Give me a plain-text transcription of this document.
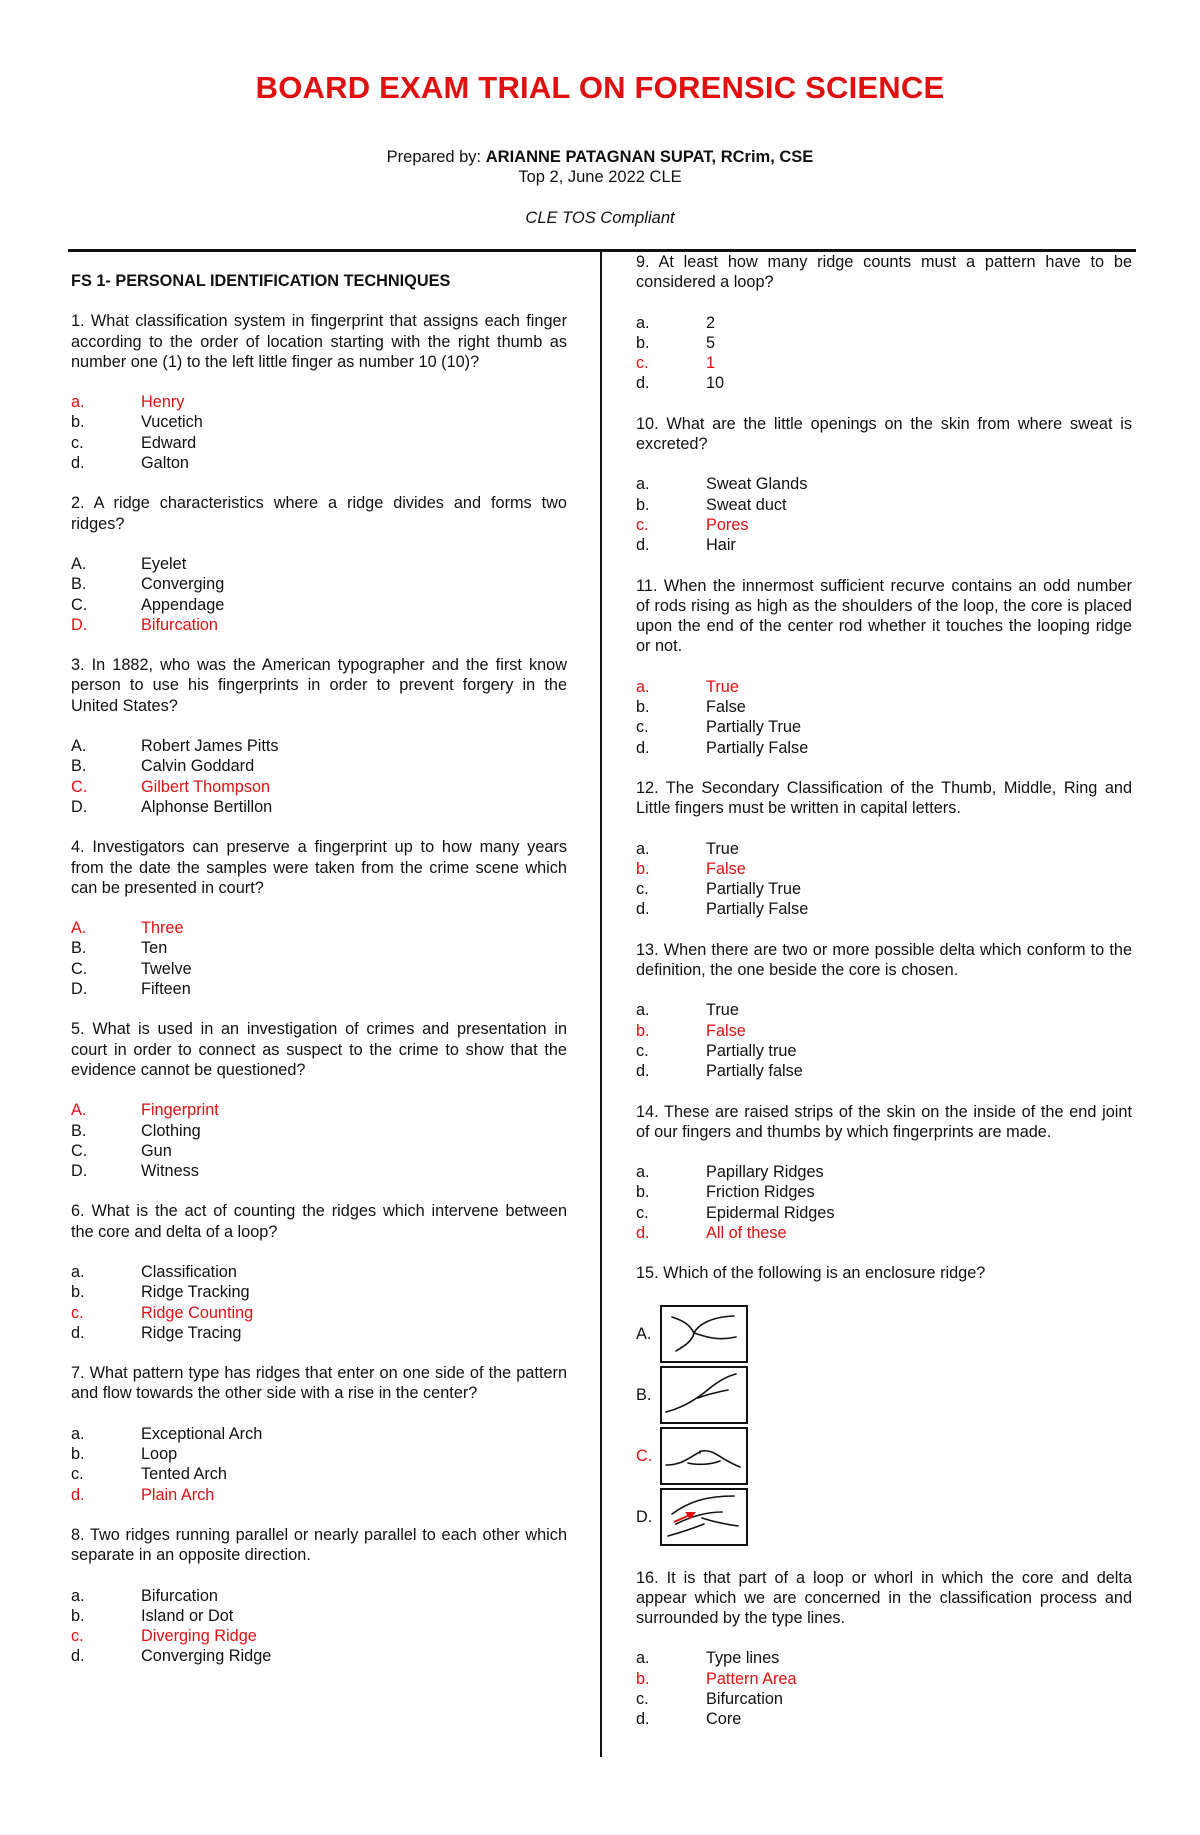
BOARD EXAM TRIAL ON FORENSIC SCIENCE
Prepared by: ARIANNE PATAGNAN SUPAT, RCrim, CSE
Top 2, June 2022 CLE
CLE TOS Compliant
FS 1- PERSONAL IDENTIFICATION TECHNIQUES
1. What classification system in fingerprint that assigns each finger according to the order of location starting with the right thumb as number one (1) to the left little finger as number 10 (10)?
a.	Henry
b.	Vucetich
c.	Edward
d.	Galton
2. A ridge characteristics where a ridge divides and forms two ridges?
A.	Eyelet
B.	Converging
C.	Appendage
D.	Bifurcation
3. In 1882, who was the American typographer and the first know person to use his fingerprints in order to prevent forgery in the United States?
A.	Robert James Pitts
B.	Calvin Goddard
C.	Gilbert Thompson
D.	Alphonse Bertillon
4. Investigators can preserve a fingerprint up to how many years from the date the samples were taken from the crime scene which can be presented in court?
A.	Three
B.	Ten
C.	Twelve
D.	Fifteen
5. What is used in an investigation of crimes and presentation in court in order to connect as suspect to the crime to show that the evidence cannot be questioned?
A.	Fingerprint
B.	Clothing
C.	Gun
D.	Witness
6. What is the act of counting the ridges which intervene between the core and delta of a loop?
a.	Classification
b.	Ridge Tracking
c.	Ridge Counting
d.	Ridge Tracing
7. What pattern type has ridges that enter on one side of the pattern and flow towards the other side with a rise in the center?
a.	Exceptional Arch
b.	Loop
c.	Tented Arch
d.	Plain Arch
8. Two ridges running parallel or nearly parallel to each other which separate in an opposite direction.
a.	Bifurcation
b.	Island or Dot
c.	Diverging Ridge
d.	Converging Ridge
9. At least how many ridge counts must a pattern have to be considered a loop?
a.	2
b.	5
c.	1
d.	10
10. What are the little openings on the skin from where sweat is excreted?
a.	Sweat Glands
b.	Sweat duct
c.	Pores
d.	Hair
11. When the innermost sufficient recurve contains an odd number of rods rising as high as the shoulders of the loop, the core is placed upon the end of the center rod whether it touches the looping ridge or not.
a.	True
b.	False
c.	Partially True
d.	Partially False
12. The Secondary Classification of the Thumb, Middle, Ring and Little fingers must be written in capital letters.
a.	True
b.	False
c.	Partially True
d.	Partially False
13. When there are two or more possible delta which conform to the definition, the one beside the core is chosen.
a.	True
b.	False
c.	Partially true
d.	Partially false
14. These are raised strips of the skin on the inside of the end joint of our fingers and thumbs by which fingerprints are made.
a.	Papillary Ridges
b.	Friction Ridges
c.	Epidermal Ridges
d.	All of these
15. Which of the following is an enclosure ridge?
A.
B.
C.
D.
16. It is that part of a loop or whorl in which the core and delta appear which we are concerned in the classification process and surrounded by the type lines.
a.	Type lines
b.	Pattern Area
c.	Bifurcation
d.	Core
